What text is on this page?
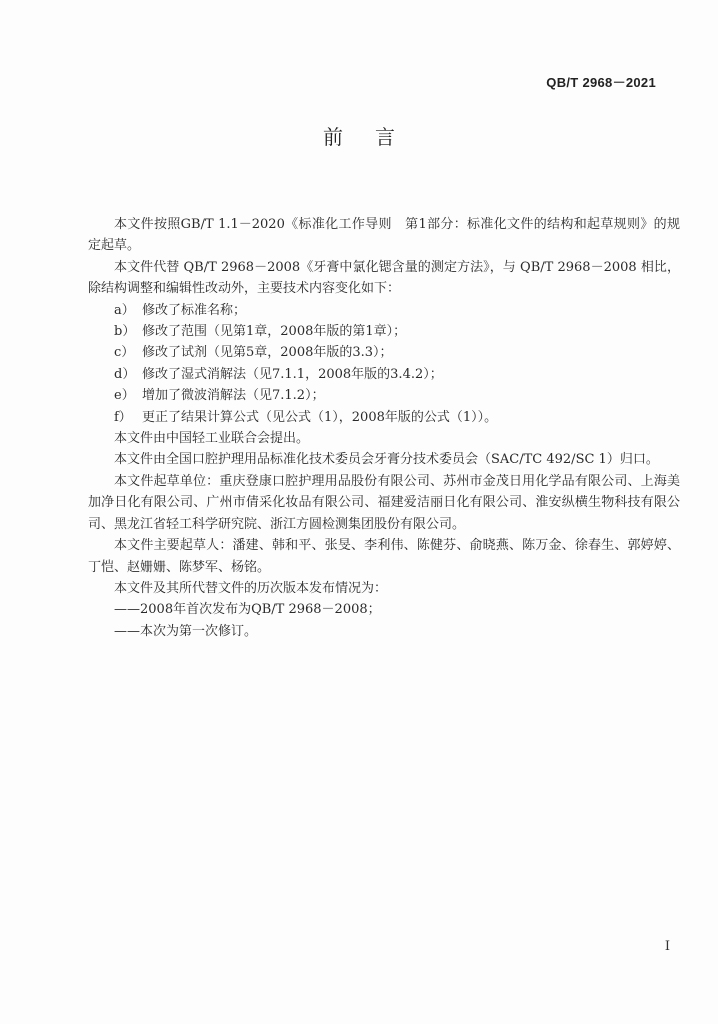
QB/T 2968－2021
前言

本文件按照GB/T 1.1－2020《标准化工作导则　第1部分：标准化文件的结构和起草规则》的规定起草。

本文件代替 QB/T 2968－2008《牙膏中氯化锶含量的测定方法》，与 QB/T 2968－2008 相比，除结构调整和编辑性改动外，主要技术内容变化如下：

a） 修改了标准名称；
b） 修改了范围（见第1章，2008年版的第1章）；
c） 修改了试剂（见第5章，2008年版的3.3）；
d） 修改了湿式消解法（见7.1.1，2008年版的3.4.2）；
e） 增加了微波消解法（见7.1.2）；
f） 更正了结果计算公式（见公式（1），2008年版的公式（1））。

本文件由中国轻工业联合会提出。

本文件由全国口腔护理用品标准化技术委员会牙膏分技术委员会（SAC/TC 492/SC 1）归口。

本文件起草单位：重庆登康口腔护理用品股份有限公司、苏州市金茂日用化学品有限公司、上海美加净日化有限公司、广州市倩采化妆品有限公司、福建爱洁丽日化有限公司、淮安纵横生物科技有限公司、黑龙江省轻工科学研究院、浙江方圆检测集团股份有限公司。

本文件主要起草人：潘建、韩和平、张旻、李利伟、陈健芬、俞晓燕、陈万金、徐春生、郭婷婷、丁恺、赵姗姗、陈梦军、杨铭。

本文件及其所代替文件的历次版本发布情况为：

——2008年首次发布为QB/T 2968－2008；

——本次为第一次修订。

I
